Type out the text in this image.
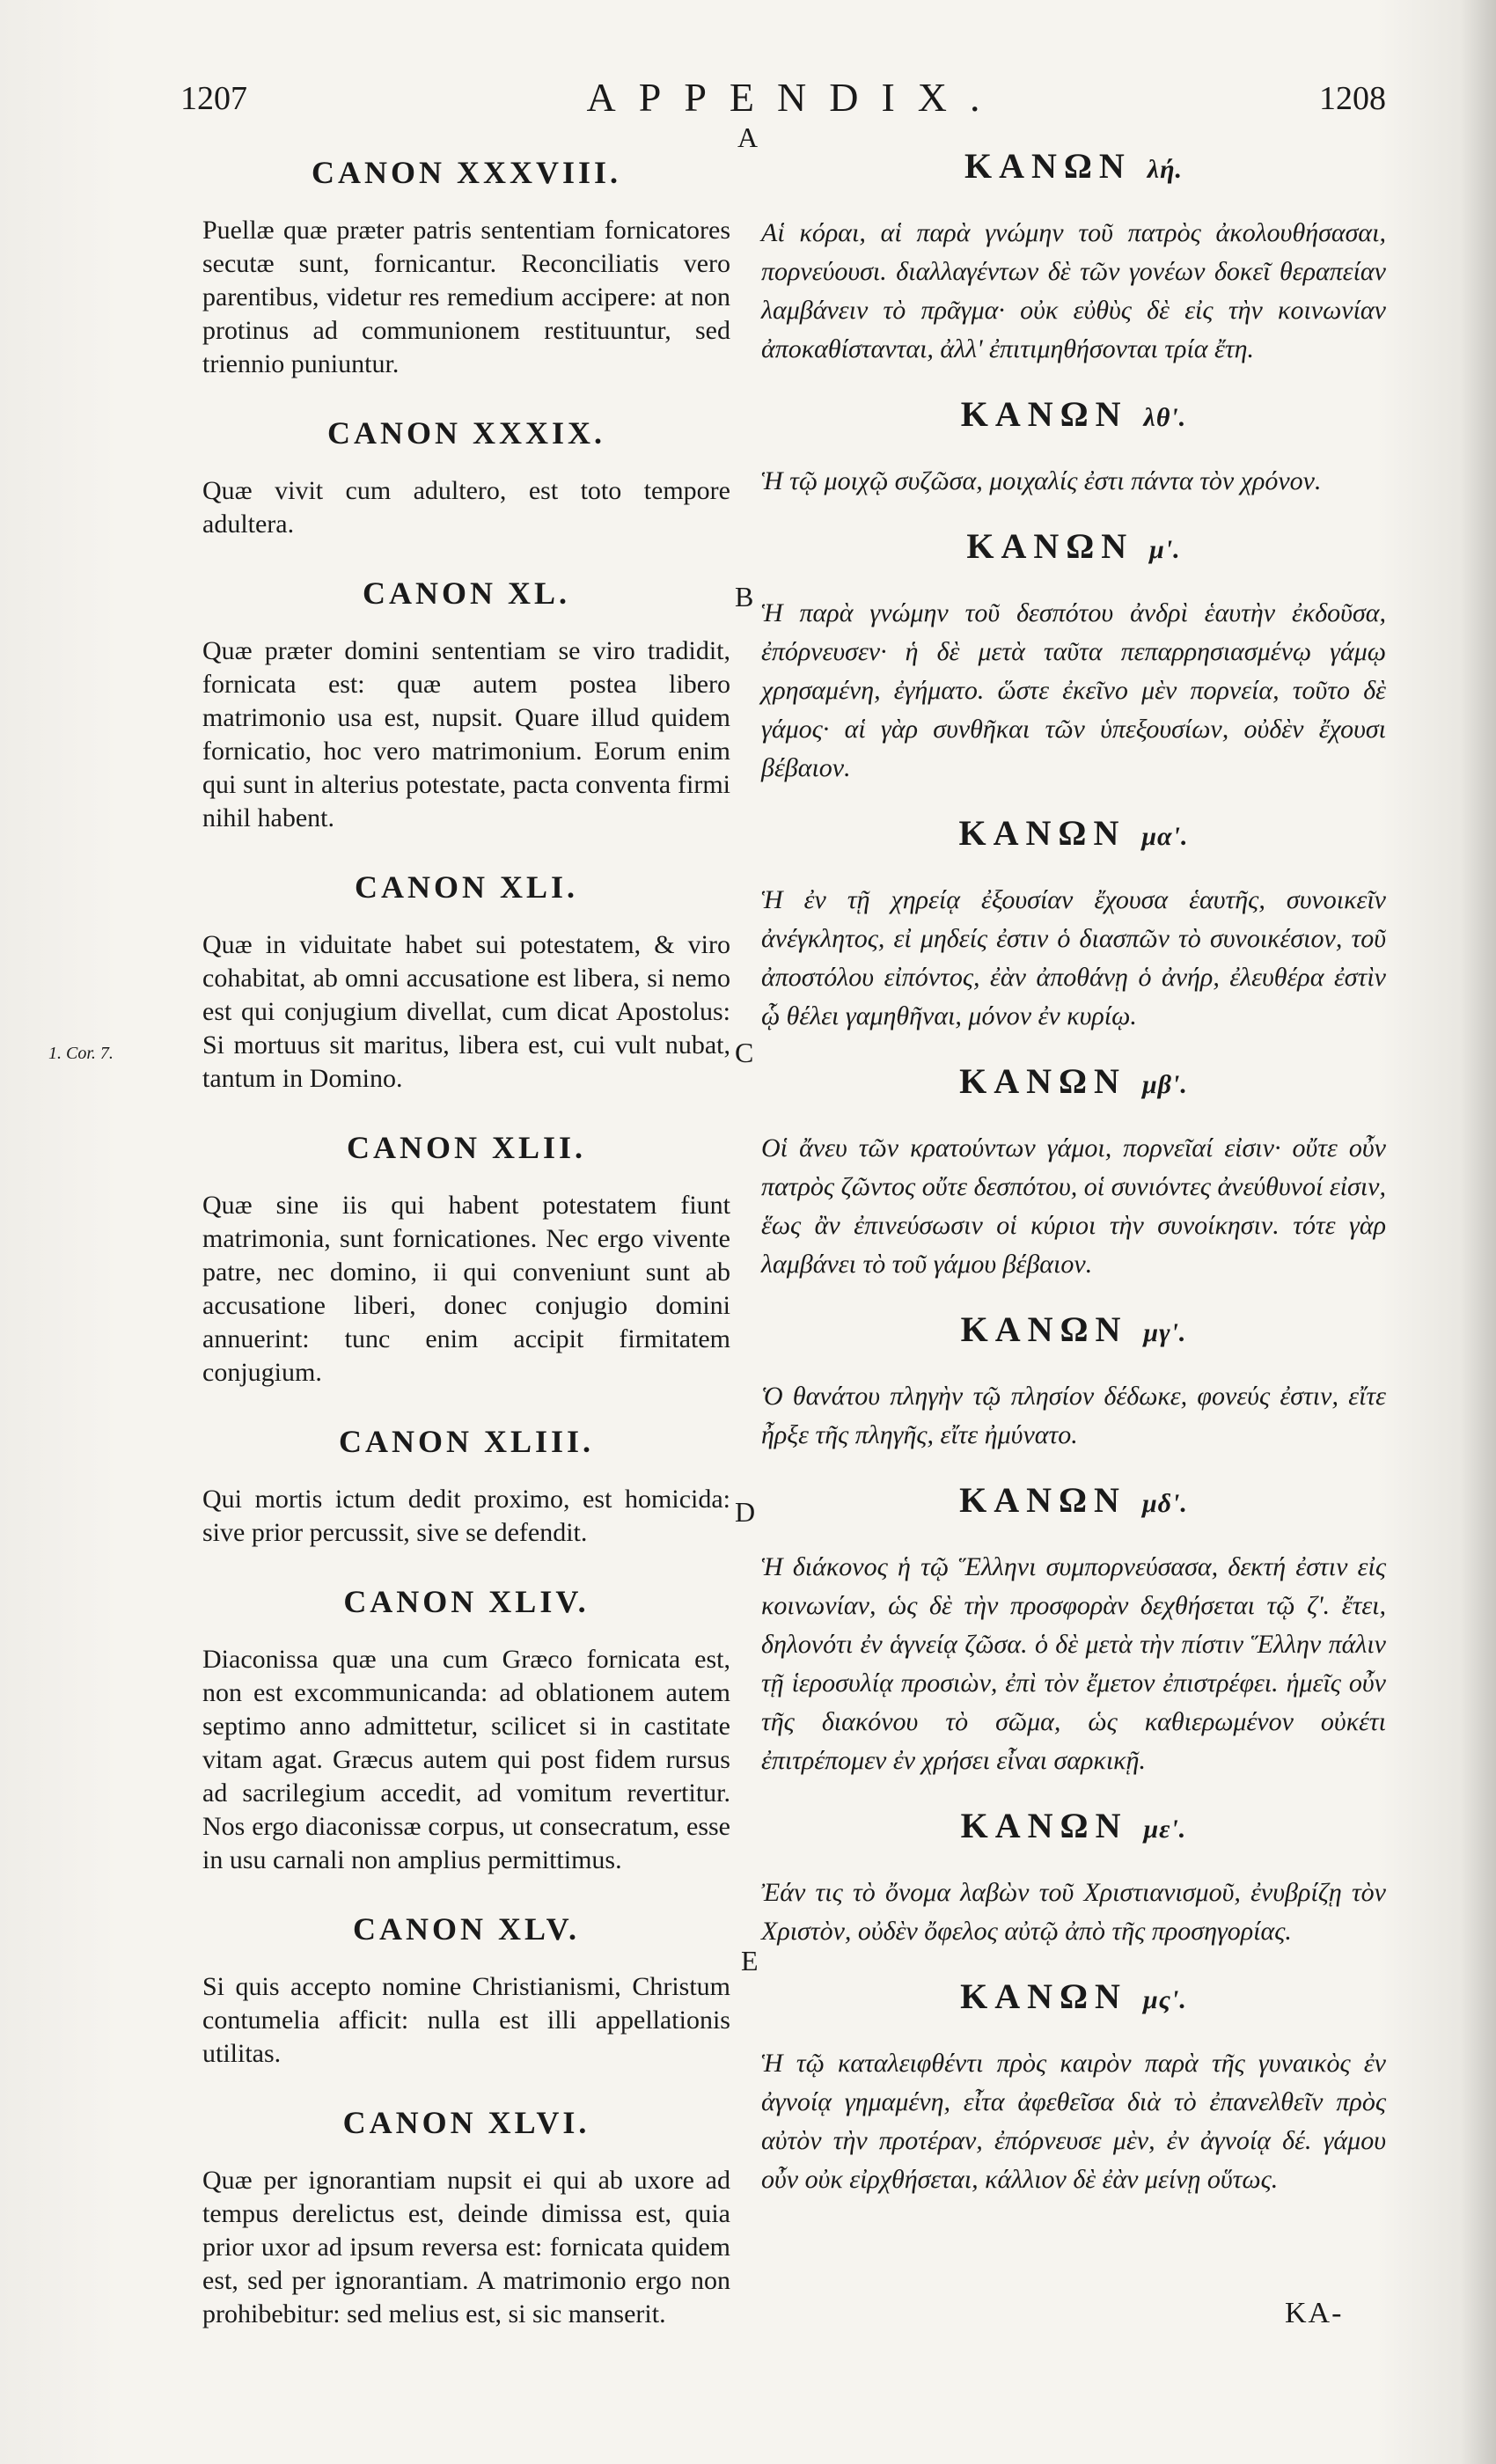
1207	APPENDIX.	1208
A
B
C
D
E
1. Cor. 7.
CANON XXXVIII.

Puellæ quæ præter patris sententiam fornicatores secutæ sunt, fornicantur. Reconciliatis vero parentibus, videtur res remedium accipere: at non protinus ad communionem restituuntur, sed triennio puniuntur.

CANON XXXIX.

Quæ vivit cum adultero, est toto tempore adultera.

CANON XL.

Quæ præter domini sententiam se viro tradidit, fornicata est: quæ autem postea libero matrimonio usa est, nupsit. Quare illud quidem fornicatio, hoc vero matrimonium. Eorum enim qui sunt in alterius potestate, pacta conventa firmi nihil habent.

CANON XLI.

Quæ in viduitate habet sui potestatem, & viro cohabitat, ab omni accusatione est libera, si nemo est qui conjugium divellat, cum dicat Apostolus: Si mortuus sit maritus, libera est, cui vult nubat, tantum in Domino.

CANON XLII.

Quæ sine iis qui habent potestatem fiunt matrimonia, sunt fornicationes. Nec ergo vivente patre, nec domino, ii qui conveniunt sunt ab accusatione liberi, donec conjugio domini annuerint: tunc enim accipit firmitatem conjugium.

CANON XLIII.

Qui mortis ictum dedit proximo, est homicida: sive prior percussit, sive se defendit.

CANON XLIV.

Diaconissa quæ una cum Græco fornicata est, non est excommunicanda: ad oblationem autem septimo anno admittetur, scilicet si in castitate vitam agat. Græcus autem qui post fidem rursus ad sacrilegium accedit, ad vomitum revertitur. Nos ergo diaconissæ corpus, ut consecratum, esse in usu carnali non amplius permittimus.

CANON XLV.

Si quis accepto nomine Christianismi, Christum contumelia afficit: nulla est illi appellationis utilitas.

CANON XLVI.

Quæ per ignorantiam nupsit ei qui ab uxore ad tempus derelictus est, deinde dimissa est, quia prior uxor ad ipsum reversa est: fornicata quidem est, sed per ignorantiam. A matrimonio ergo non prohibebitur: sed melius est, si sic manserit.

ΚΑΝΩΝ λή.

Αἱ κόραι, αἱ παρὰ γνώμην τοῦ πατρὸς ἀκολουθήσασαι, πορνεύουσι. διαλλαγέντων δὲ τῶν γονέων δοκεῖ θεραπείαν λαμβάνειν τὸ πρᾶγμα· οὐκ εὐθὺς δὲ εἰς τὴν κοινωνίαν ἀποκαθίστανται, ἀλλ' ἐπιτιμηθήσονται τρία ἔτη.

ΚΑΝΩΝ λθ'.

Ἡ τῷ μοιχῷ συζῶσα, μοιχαλίς ἐστι πάντα τὸν χρόνον.

ΚΑΝΩΝ μ'.

Ἡ παρὰ γνώμην τοῦ δεσπότου ἀνδρὶ ἑαυτὴν ἐκδοῦσα, ἐπόρνευσεν· ἡ δὲ μετὰ ταῦτα πεπαρρησιασμένῳ γάμῳ χρησαμένη, ἐγήματο. ὥστε ἐκεῖνο μὲν πορνεία, τοῦτο δὲ γάμος· αἱ γὰρ συνθῆκαι τῶν ὑπεξουσίων, οὐδὲν ἔχουσι βέβαιον.

ΚΑΝΩΝ μα'.

Ἡ ἐν τῇ χηρείᾳ ἐξουσίαν ἔχουσα ἑαυτῆς, συνοικεῖν ἀνέγκλητος, εἰ μηδείς ἐστιν ὁ διασπῶν τὸ συνοικέσιον, τοῦ ἀποστόλου εἰπόντος, ἐὰν ἀποθάνῃ ὁ ἀνήρ, ἐλευθέρα ἐστὶν ᾧ θέλει γαμηθῆναι, μόνον ἐν κυρίῳ.

ΚΑΝΩΝ μβ'.

Οἱ ἄνευ τῶν κρατούντων γάμοι, πορνεῖαί εἰσιν· οὔτε οὖν πατρὸς ζῶντος οὔτε δεσπότου, οἱ συνιόντες ἀνεύθυνοί εἰσιν, ἕως ἂν ἐπινεύσωσιν οἱ κύριοι τὴν συνοίκησιν. τότε γὰρ λαμβάνει τὸ τοῦ γάμου βέβαιον.

ΚΑΝΩΝ μγ'.

Ὁ θανάτου πληγὴν τῷ πλησίον δέδωκε, φονεύς ἐστιν, εἴτε ἦρξε τῆς πληγῆς, εἴτε ἠμύνατο.

ΚΑΝΩΝ μδ'.

Ἡ διάκονος ἡ τῷ Ἕλληνι συμπορνεύσασα, δεκτή ἐστιν εἰς κοινωνίαν, ὡς δὲ τὴν προσφορὰν δεχθήσεται τῷ ζ'. ἔτει, δηλονότι ἐν ἁγνείᾳ ζῶσα. ὁ δὲ μετὰ τὴν πίστιν Ἕλλην πάλιν τῇ ἱεροσυλίᾳ προσιὼν, ἐπὶ τὸν ἔμετον ἐπιστρέφει. ἡμεῖς οὖν τῆς διακόνου τὸ σῶμα, ὡς καθιερωμένον οὐκέτι ἐπιτρέπομεν ἐν χρήσει εἶναι σαρκικῇ.

ΚΑΝΩΝ με'.

Ἐάν τις τὸ ὄνομα λαβὼν τοῦ Χριστιανισμοῦ, ἐνυβρίζῃ τὸν Χριστὸν, οὐδὲν ὄφελος αὐτῷ ἀπὸ τῆς προσηγορίας.

ΚΑΝΩΝ μς'.

Ἡ τῷ καταλειφθέντι πρὸς καιρὸν παρὰ τῆς γυναικὸς ἐν ἀγνοίᾳ γημαμένη, εἶτα ἀφεθεῖσα διὰ τὸ ἐπανελθεῖν πρὸς αὐτὸν τὴν προτέραν, ἐπόρνευσε μὲν, ἐν ἀγνοίᾳ δέ. γάμου οὖν οὐκ εἰρχθήσεται, κάλλιον δὲ ἐὰν μείνῃ οὕτως.

KA-
